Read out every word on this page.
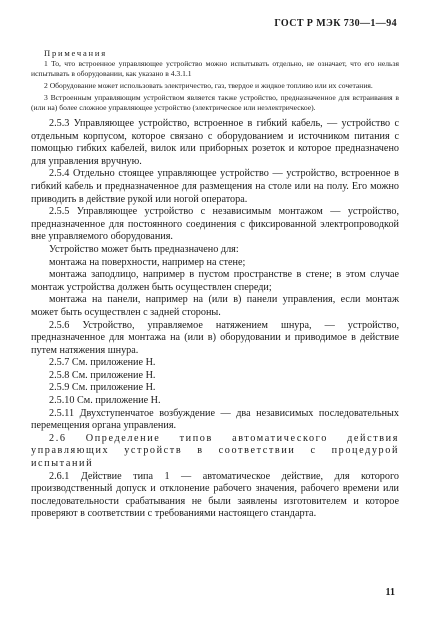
ГОСТ Р МЭК 730—1—94
Примечания

1 То, что встроенное управляющее устройство можно испытывать отдельно, не означает, что его нельзя испытывать в оборудовании, как указано в 4.3.1.1

2 Оборудование может использовать электричество, газ, твердое и жидкое топливо или их сочетания.

3 Встроенным управляющим устройством является также устройство, предназначенное для встраивания в (или на) более сложное управляющее устройство (электрическое или неэлектрическое).

2.5.3 Управляющее устройство, встроенное в гибкий кабель, — устройство с отдельным корпусом, которое связано с оборудованием и источником питания с помощью гибких кабелей, вилок или приборных розеток и которое предназначено для управления вручную.

2.5.4 Отдельно стоящее управляющее устройство — устройство, встроенное в гибкий кабель и предназначенное для размещения на столе или на полу. Его можно приводить в действие рукой или ногой оператора.

2.5.5 Управляющее устройство с независимым монтажом — устройство, предназначенное для постоянного соединения с фиксированной электропроводкой вне управляемого оборудования.

Устройство может быть предназначено для:

монтажа на поверхности, например на стене;

монтажа заподлицо, например в пустом пространстве в стене; в этом случае монтаж устройства должен быть осуществлен спереди;

монтажа на панели, например на (или в) панели управления, если монтаж может быть осуществлен с задней стороны.

2.5.6 Устройство, управляемое натяжением шнура, — устройство, предназначенное для монтажа на (или в) оборудовании и приводимое в действие путем натяжения шнура.

2.5.7 См. приложение Н.

2.5.8 См. приложение Н.

2.5.9 См. приложение Н.

2.5.10 См. приложение Н.

2.5.11 Двухступенчатое возбуждение — два независимых последовательных перемещения органа управления.

2.6 Определение типов автоматического действия управляющих устройств в соответствии с процедурой испытаний

2.6.1 Действие типа 1 — автоматическое действие, для которого производственный допуск и отклонение рабочего значения, рабочего времени или последовательности срабатывания не были заявлены изготовителем и которое проверяют в соответствии с требованиями настоящего стандарта.

11
